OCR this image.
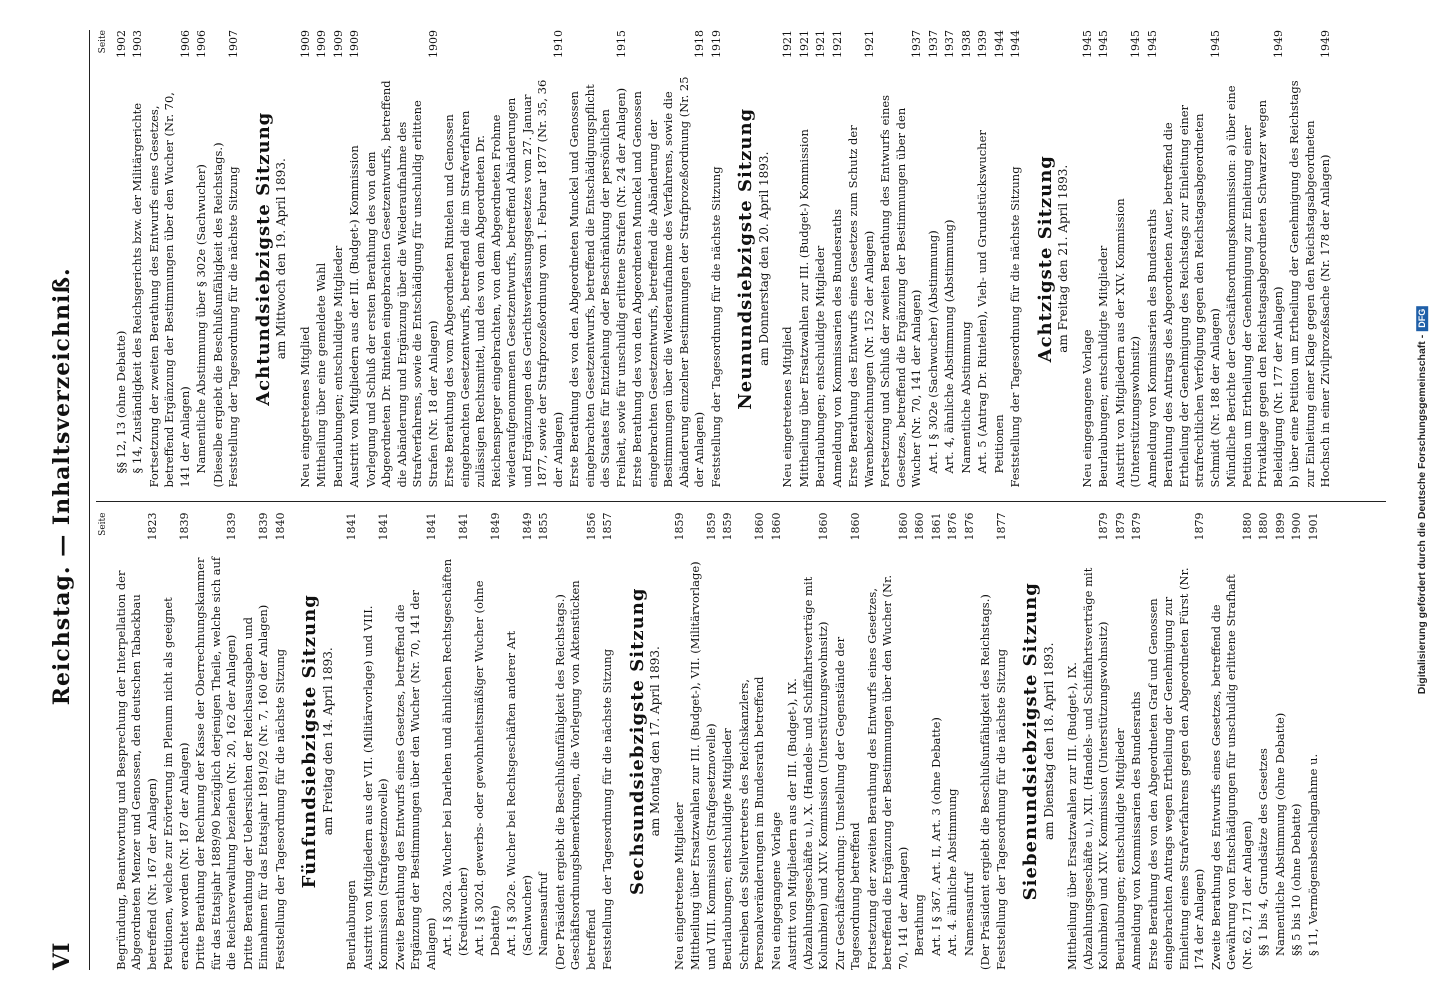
VI
Reichstag. — Inhaltsverzeichniß.	Seite
Begründung, Beantwortung und Besprechung der Interpellation der Abgeordneten Menzer und Genossen, den deutschen Tabackbau betreffend (Nr. 167 der Anlagen)
1823
Petitionen, welche zur Erörterung im Plenum nicht als geeignet erachtet worden (Nr. 187 der Anlagen)
1839
Dritte Berathung der Rechnung der Kasse der Oberrechnungskammer für das Etatsjahr 1889/90 bezüglich derjenigen Theile, welche sich auf die Reichsverwaltung beziehen (Nr. 20, 162 der Anlagen)
1839
Dritte Berathung der Uebersichten der Reichsausgaben und Einnahmen für das Etatsjahr 1891/92 (Nr. 7, 160 der Anlagen)
1839
Feststellung der Tagesordnung für die nächste Sitzung
1840
Fünfundsiebzigste Sitzung am Freitag den 14. April 1893.
Beurlaubungen
1841
Austritt von Mitgliedern aus der VII. (Militärvorlage) und VIII. Kommission (Strafgesetznovelle)
1841
Zweite Berathung des Entwurfs eines Gesetzes, betreffend die Ergänzung der Bestimmungen über den Wucher (Nr. 70, 141 der Anlagen)
1841
Art. I § 302a. Wucher bei Darlehen und ähnlichen Rechtsgeschäften (Kreditwucher)
1841
Art. I § 302d. gewerbs- oder gewohnheitsmäßiger Wucher (ohne Debatte)
1849
Art. I § 302e. Wucher bei Rechtsgeschäften anderer Art (Sachwucher)
1849
Namensaufruf
1855
(Der Präsident ergiebt die Beschlußunfähigkeit des Reichstags.) Geschäftsordnungsbemerkungen, die Vorlegung von Aktenstücken betreffend
1856
Feststellung der Tagesordnung für die nächste Sitzung
1857
Sechsundsiebzigste Sitzung am Montag den 17. April 1893.
Neu eingetretene Mitglieder
1859
Mittheilung über Ersatzwahlen zur III. (Budget-), VII. (Militärvorlage) und VIII. Kommission (Strafgesetznovelle)
1859
Beurlaubungen; entschuldigte Mitglieder
1859
Schreiben des Stellvertreters des Reichskanzlers, Personalveränderungen im Bundesrath betreffend
1860
Neu eingegangene Vorlage
1860
Austritt von Mitgliedern aus der III. (Budget-), IX. (Abzahlungsgeschäfte u.), X. (Handels- und Schiffahrtsverträge mit Kolumbien) und XIV. Kommission (Unterstützungswohnsitz)
1860
Zur Geschäftsordnung: Umstellung der Gegenstände der Tagesordnung betreffend
1860
Fortsetzung der zweiten Berathung des Entwurfs eines Gesetzes, betreffend die Ergänzung der Bestimmungen über den Wucher (Nr. 70, 141 der Anlagen)
1860
Berathung
1860
Art. I § 367. Art. II, Art. 3 (ohne Debatte)
1861
Art. 4. ähnliche Abstimmung
1876
Namensaufruf
1876
(Der Präsident ergiebt die Beschlußunfähigkeit des Reichstags.) Feststellung der Tagesordnung für die nächste Sitzung
1877
Siebenundsiebzigste Sitzung am Dienstag den 18. April 1893. Mittheilung über Ersatzwahlen zur III. (Budget-), IX. (Abzahlungsgeschäfte u.), XII. (Handels- und Schiffahrtsverträge mit Kolumbien) und XIV. Kommission (Unterstützungswohnsitz)
1879
Beurlaubungen; entschuldigte Mitglieder
1879
Anmeldung von Kommissarien des Bundesraths
1879
Erste Berathung des von den Abgeordneten Graf und Genossen eingebrachten Antrags wegen Ertheilung der Genehmigung zur Einleitung eines Strafverfahrens gegen den Abgeordneten Fürst (Nr. 174 der Anlagen)
1879
Zweite Berathung des Entwurfs eines Gesetzes, betreffend die Gewährung von Entschädigungen für unschuldig erlittene Strafhaft (Nr. 62, 171 der Anlagen)
1880
§§ 1 bis 4, Grundsätze des Gesetzes
1880
Namentliche Abstimmung (ohne Debatte)
1899
§§ 5 bis 10 (ohne Debatte)
1900
§ 11, Vermögensbeschlagnahme u.
1901
Seite
§§ 12, 13 (ohne Debatte)
1902
§ 14, Zuständigkeit des Reichsgerichts bzw. der Militärgerichte
1903
Fortsetzung der zweiten Berathung des Entwurfs eines Gesetzes, betreffend Ergänzung der Bestimmungen über den Wucher (Nr. 70, 141 der Anlagen)
1906
Namentliche Abstimmung über § 302e (Sachwucher)
1906
(Dieselbe ergiebt die Beschlußunfähigkeit des Reichstags.) Feststellung der Tagesordnung für die nächste Sitzung
1907
Achtundsiebzigste Sitzung am Mittwoch den 19. April 1893.
Neu eingetretenes Mitglied
1909
Mittheilung über eine gemeldete Wahl
1909
Beurlaubungen; entschuldigte Mitglieder
1909
Austritt von Mitgliedern aus der III. (Budget-) Kommission
1909
Vorlegung und Schluß der ersten Berathung des von dem Abgeordneten Dr. Rintelen eingebrachten Gesetzentwurfs, betreffend die Abänderung und Ergänzung über die Wiederaufnahme des Strafverfahrens, sowie die Entschädigung für unschuldig erlittene Strafen (Nr. 18 der Anlagen)
1909
Erste Berathung des vom Abgeordneten Rintelen und Genossen eingebrachten Gesetzentwurfs, betreffend die im Strafverfahren zulässigen Rechtsmittel, und des von dem Abgeordneten Dr. Reichensperger eingebrachten, von dem Abgeordneten Frohme wiederaufgenommenen Gesetzentwurfs, betreffend Abänderungen und Ergänzungen des Gerichtsverfassungsgesetzes vom 27. Januar 1877, sowie der Strafprozeßordnung vom 1. Februar 1877 (Nr. 35, 36 der Anlagen)
1910
Erste Berathung des von den Abgeordneten Munckel und Genossen eingebrachten Gesetzentwurfs, betreffend die Entschädigungspflicht des Staates für Entziehung oder Beschränkung der persönlichen Freiheit, sowie für unschuldig erlittene Strafen (Nr. 24 der Anlagen)
1915
Erste Berathung des von den Abgeordneten Munckel und Genossen eingebrachten Gesetzentwurfs, betreffend die Abänderung der Bestimmungen über die Wiederaufnahme des Verfahrens, sowie die Abänderung einzelner Bestimmungen der Strafprozeßordnung (Nr. 25 der Anlagen)
1918
Feststellung der Tagesordnung für die nächste Sitzung
1919
Neunundsiebzigste Sitzung am Donnerstag den 20. April 1893.
Neu eingetretenes Mitglied
1921
Mittheilung über Ersatzwahlen zur III. (Budget-) Kommission
1921
Beurlaubungen; entschuldigte Mitglieder
1921
Anmeldung von Kommissarien des Bundesraths
1921
Erste Berathung des Entwurfs eines Gesetzes zum Schutz der Warenbezeichnungen (Nr. 152 der Anlagen)
1921
Fortsetzung und Schluß der zweiten Berathung des Entwurfs eines Gesetzes, betreffend die Ergänzung der Bestimmungen über den Wucher (Nr. 70, 141 der Anlagen)
1937
Art. I § 302e (Sachwucher) (Abstimmung)
1937
Art. 4, ähnliche Abstimmung (Abstimmung)
1937
Namentliche Abstimmung
1938
Art. 5 (Antrag Dr. Rintelen), Vieh- und Grundstückswucher
1939
Petitionen
1944
Feststellung der Tagesordnung für die nächste Sitzung
1944
Achtzigste Sitzung am Freitag den 21. April 1893.
Neu eingegangene Vorlage
1945
Beurlaubungen; entschuldigte Mitglieder
1945
Austritt von Mitgliedern aus der XIV. Kommission (Unterstützungswohnsitz)
1945
Anmeldung von Kommissarien des Bundesraths
1945
Berathung des Antrags des Abgeordneten Auer, betreffend die Ertheilung der Genehmigung des Reichstags zur Einleitung einer strafrechtlichen Verfolgung gegen den Reichstagsabgeordneten Schmidt (Nr. 188 der Anlagen)
1945
Mündliche Berichte der Geschäftsordnungskommission: a) über eine Petition um Ertheilung der Genehmigung zur Einleitung einer Privatklage gegen den Reichstagsabgeordneten Schwarzer wegen Beleidigung (Nr. 177 der Anlagen)
1949
b) über eine Petition um Ertheilung der Genehmigung des Reichstags zur Einleitung einer Klage gegen den Reichstagsabgeordneten Hochsch in einer Zivilprozeßsache (Nr. 178 der Anlagen)
1949
Digitalisierung gefördert durch die Deutsche Forschungsgemeinschaft -
DFG
